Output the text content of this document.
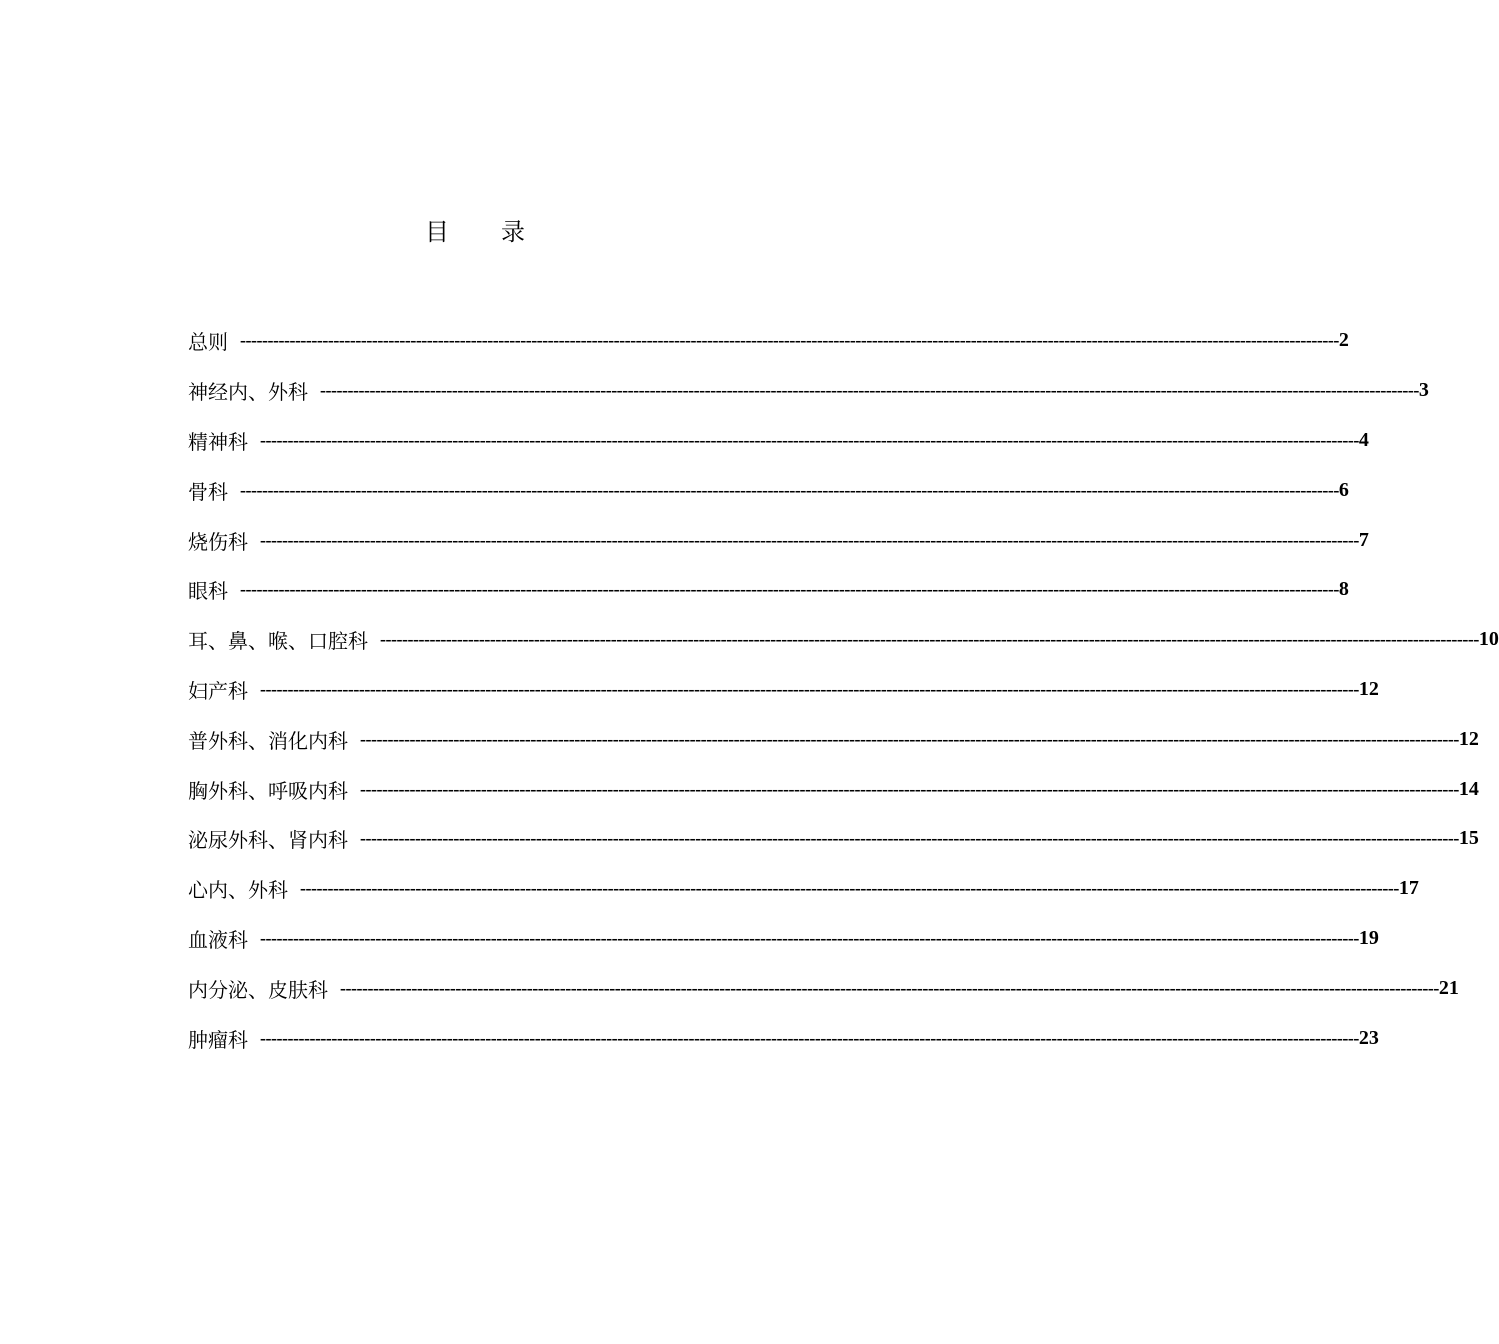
目 录
总则 -------------------------------------------------------------------------------------------------------------------------------------------------------------------------------------------------------- 2
神经内、外科 -------------------------------------------------------------------------------------------------------------------------------------------------------------------------------------------------------- 3
精神科 -------------------------------------------------------------------------------------------------------------------------------------------------------------------------------------------------------- 4
骨科 -------------------------------------------------------------------------------------------------------------------------------------------------------------------------------------------------------- 6
烧伤科 -------------------------------------------------------------------------------------------------------------------------------------------------------------------------------------------------------- 7
眼科 -------------------------------------------------------------------------------------------------------------------------------------------------------------------------------------------------------- 8
耳、鼻、喉、口腔科 -------------------------------------------------------------------------------------------------------------------------------------------------------------------------------------------------------- 10
妇产科 -------------------------------------------------------------------------------------------------------------------------------------------------------------------------------------------------------- 12
普外科、消化内科 -------------------------------------------------------------------------------------------------------------------------------------------------------------------------------------------------------- 12
胸外科、呼吸内科 -------------------------------------------------------------------------------------------------------------------------------------------------------------------------------------------------------- 14
泌尿外科、肾内科 -------------------------------------------------------------------------------------------------------------------------------------------------------------------------------------------------------- 15
心内、外科 -------------------------------------------------------------------------------------------------------------------------------------------------------------------------------------------------------- 17
血液科 -------------------------------------------------------------------------------------------------------------------------------------------------------------------------------------------------------- 19
内分泌、皮肤科 -------------------------------------------------------------------------------------------------------------------------------------------------------------------------------------------------------- 21
肿瘤科 -------------------------------------------------------------------------------------------------------------------------------------------------------------------------------------------------------- 23
